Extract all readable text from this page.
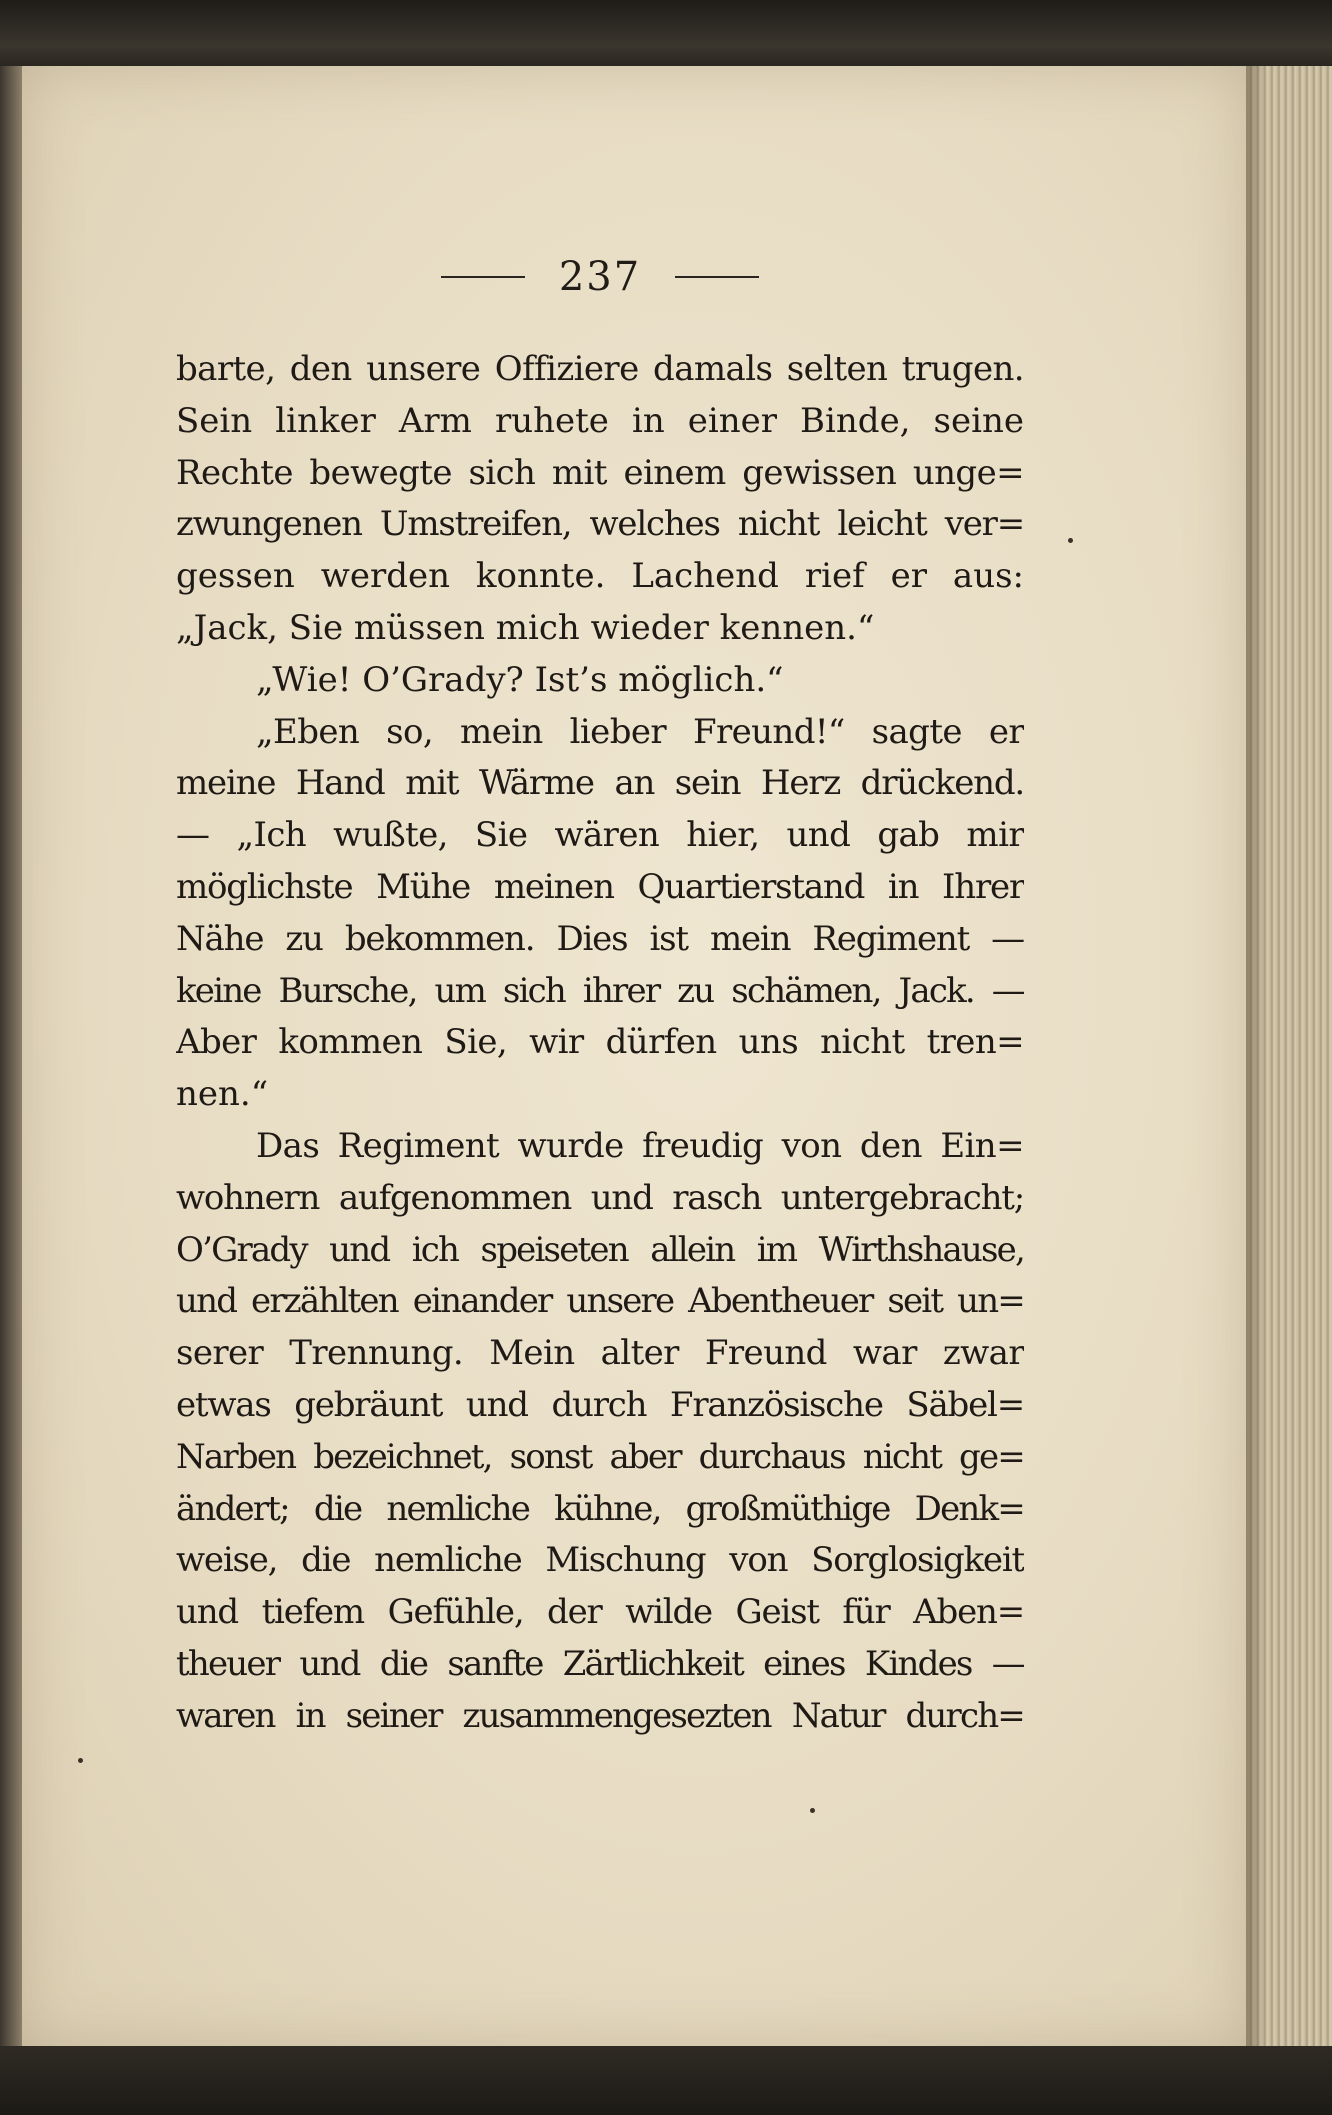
237
barte, den unsere Offiziere damals selten trugen.
Sein linker Arm ruhete in einer Binde, seine
Rechte bewegte sich mit einem gewissen unge=
zwungenen Umstreifen, welches nicht leicht ver=
gessen werden konnte. Lachend rief er aus:
„Jack, Sie müssen mich wieder kennen.“
„Wie! O’Grady? Ist’s möglich.“
„Eben so, mein lieber Freund!“ sagte er
meine Hand mit Wärme an sein Herz drückend.
— „Ich wußte, Sie wären hier, und gab mir
möglichste Mühe meinen Quartierstand in Ihrer
Nähe zu bekommen. Dies ist mein Regiment —
keine Bursche, um sich ihrer zu schämen, Jack. —
Aber kommen Sie, wir dürfen uns nicht tren=
nen.“
Das Regiment wurde freudig von den Ein=
wohnern aufgenommen und rasch untergebracht;
O’Grady und ich speiseten allein im Wirthshause,
und erzählten einander unsere Abentheuer seit un=
serer Trennung. Mein alter Freund war zwar
etwas gebräunt und durch Französische Säbel=
Narben bezeichnet, sonst aber durchaus nicht ge=
ändert; die nemliche kühne, großmüthige Denk=
weise, die nemliche Mischung von Sorglosigkeit
und tiefem Gefühle, der wilde Geist für Aben=
theuer und die sanfte Zärtlichkeit eines Kindes —
waren in seiner zusammengesezten Natur durch=
